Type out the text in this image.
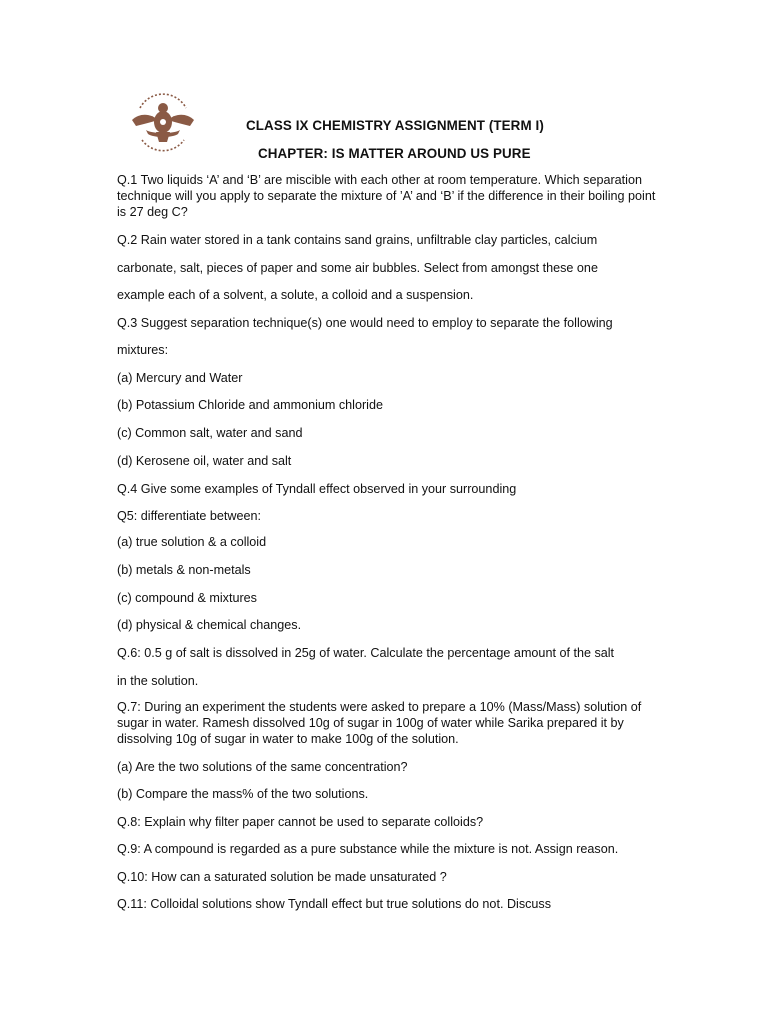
CLASS IX CHEMISTRY ASSIGNMENT (TERM I)
CHAPTER: IS MATTER AROUND US PURE
Q.1 Two liquids ‘A’ and ‘B’ are miscible with each other at room temperature. Which separation
technique will you apply to separate the mixture of ’A’ and ‘B’ if the difference in their boiling point
is 27 deg C?
Q.2 Rain water stored in a tank contains sand grains, unfiltrable clay particles, calcium
carbonate, salt, pieces of paper and some air bubbles. Select from amongst these one
example each of a solvent, a solute, a colloid and a suspension.
Q.3 Suggest separation technique(s) one would need to employ to separate the following
mixtures:
(a) Mercury and Water
(b) Potassium Chloride and ammonium chloride
(c) Common salt, water and sand
(d) Kerosene oil, water and salt
Q.4 Give some examples of Tyndall effect observed in your surrounding
Q5: differentiate between:
(a) true solution & a colloid
(b) metals & non-metals
(c) compound & mixtures
(d) physical & chemical changes.
Q.6: 0.5 g of salt is dissolved in 25g of water. Calculate the percentage amount of the salt
in the solution.
Q.7: During an experiment the students were asked to prepare a 10% (Mass/Mass) solution of
sugar in water. Ramesh dissolved 10g of sugar in 100g of water while Sarika prepared it by
dissolving 10g of sugar in water to make 100g of the solution.
(a) Are the two solutions of the same concentration?
(b) Compare the mass% of the two solutions.
Q.8: Explain why filter paper cannot be used to separate colloids?
Q.9: A compound is regarded as a pure substance while the mixture is not. Assign reason.
Q.10: How can a saturated solution be made unsaturated ?
Q.11: Colloidal solutions show Tyndall effect but true solutions do not. Discuss
